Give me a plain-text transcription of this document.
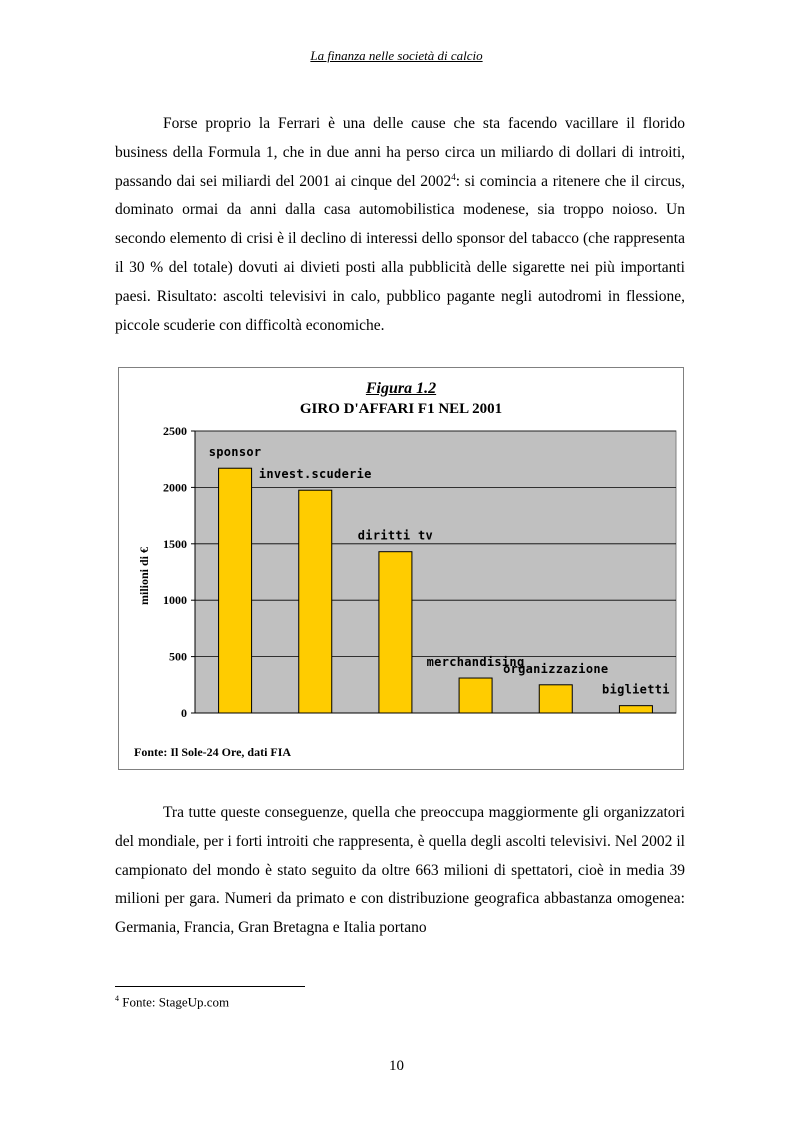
La finanza nelle società di calcio
Forse proprio la Ferrari è una delle cause che sta facendo vacillare il florido business della Formula 1, che in due anni ha perso circa un miliardo di dollari di introiti, passando dai sei miliardi del 2001 ai cinque del 2002$^4$: si comincia a ritenere che il circus, dominato ormai da anni dalla casa automobilistica modenese, sia troppo noioso. Un secondo elemento di crisi è il declino di interessi dello sponsor del tabacco (che rappresenta il 30 % del totale) dovuti ai divieti posti alla pubblicità delle sigarette nei più importanti paesi. Risultato: ascolti televisivi in calo, pubblico pagante negli autodromi in flessione, piccole scuderie con difficoltà economiche.
Figura 1.2
GIRO D'AFFARI F1 NEL 2001
0
500
1000
1500
2000
2500
sponsor
invest.scuderie
diritti tv
merchandising
organizzazione
biglietti
milioni di €
Fonte: Il Sole-24 Ore, dati FIA
Tra tutte queste conseguenze, quella che preoccupa maggiormente gli organizzatori del mondiale, per i forti introiti che rappresenta, è quella degli ascolti televisivi. Nel 2002 il campionato del mondo è stato seguito da oltre 663 milioni di spettatori, cioè in media 39 milioni per gara. Numeri da primato e con distribuzione geografica abbastanza omogenea: Germania, Francia, Gran Bretagna e Italia portano
$^4$ Fonte: StageUp.com
10
